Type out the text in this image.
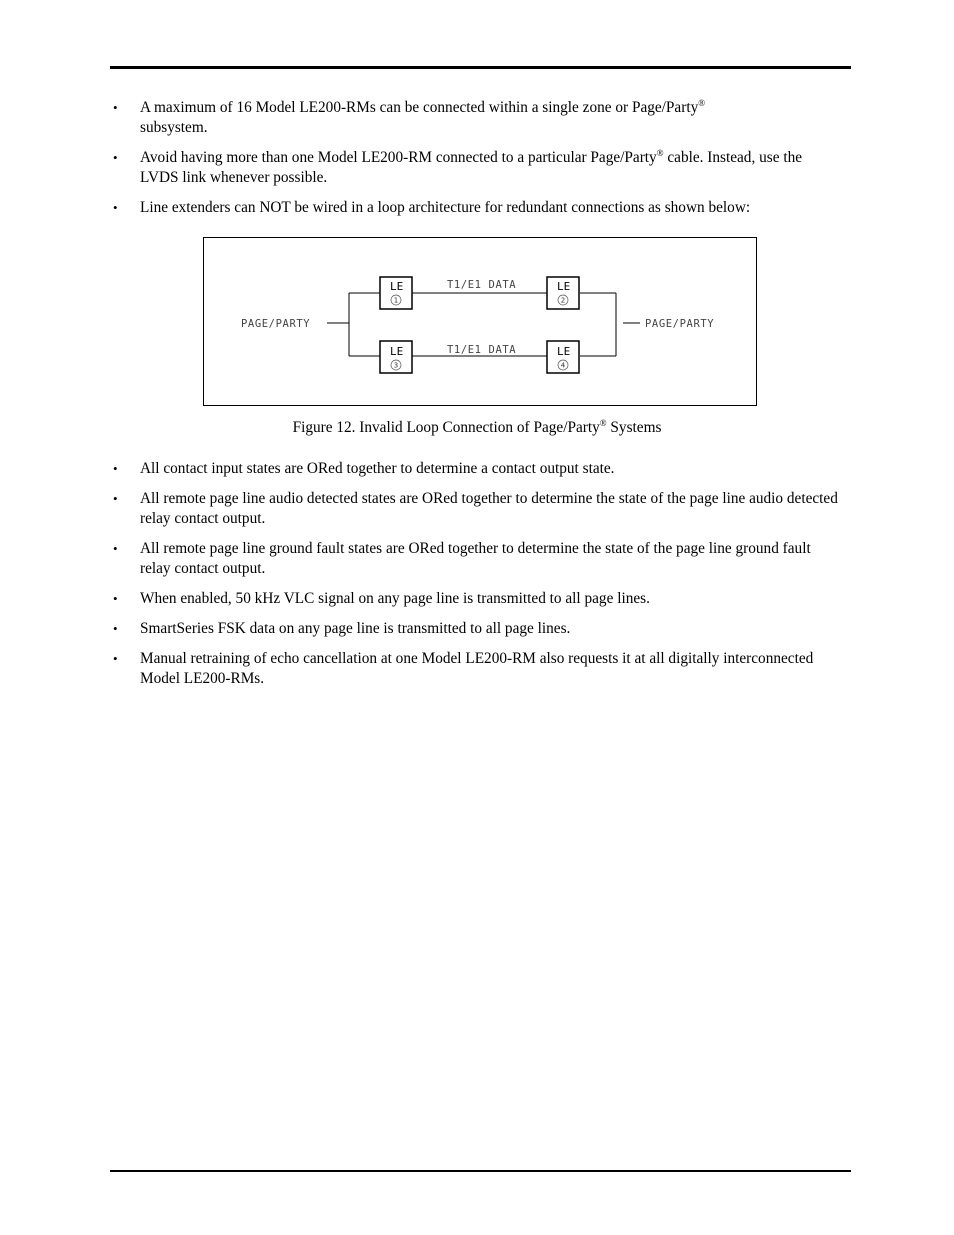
• A maximum of 16 Model LE200-RMs can be connected within a single zone or Page/Party®
subsystem.
• Avoid having more than one Model LE200-RM connected to a particular Page/Party® cable. Instead, use the LVDS link whenever possible.
• Line extenders can NOT be wired in a loop architecture for redundant connections as shown below:
PAGE/PARTY
T1/E1 DATA
T1/E1 DATA
PAGE/PARTY
LE
1
LE
2
LE
3
LE
4
Figure 12. Invalid Loop Connection of Page/Party® Systems
• All contact input states are ORed together to determine a contact output state.
• All remote page line audio detected states are ORed together to determine the state of the page line audio detected relay contact output.
• All remote page line ground fault states are ORed together to determine the state of the page line ground fault relay contact output.
• When enabled, 50 kHz VLC signal on any page line is transmitted to all page lines.
• SmartSeries FSK data on any page line is transmitted to all page lines.
• Manual retraining of echo cancellation at one Model LE200-RM also requests it at all digitally interconnected Model LE200-RMs.
